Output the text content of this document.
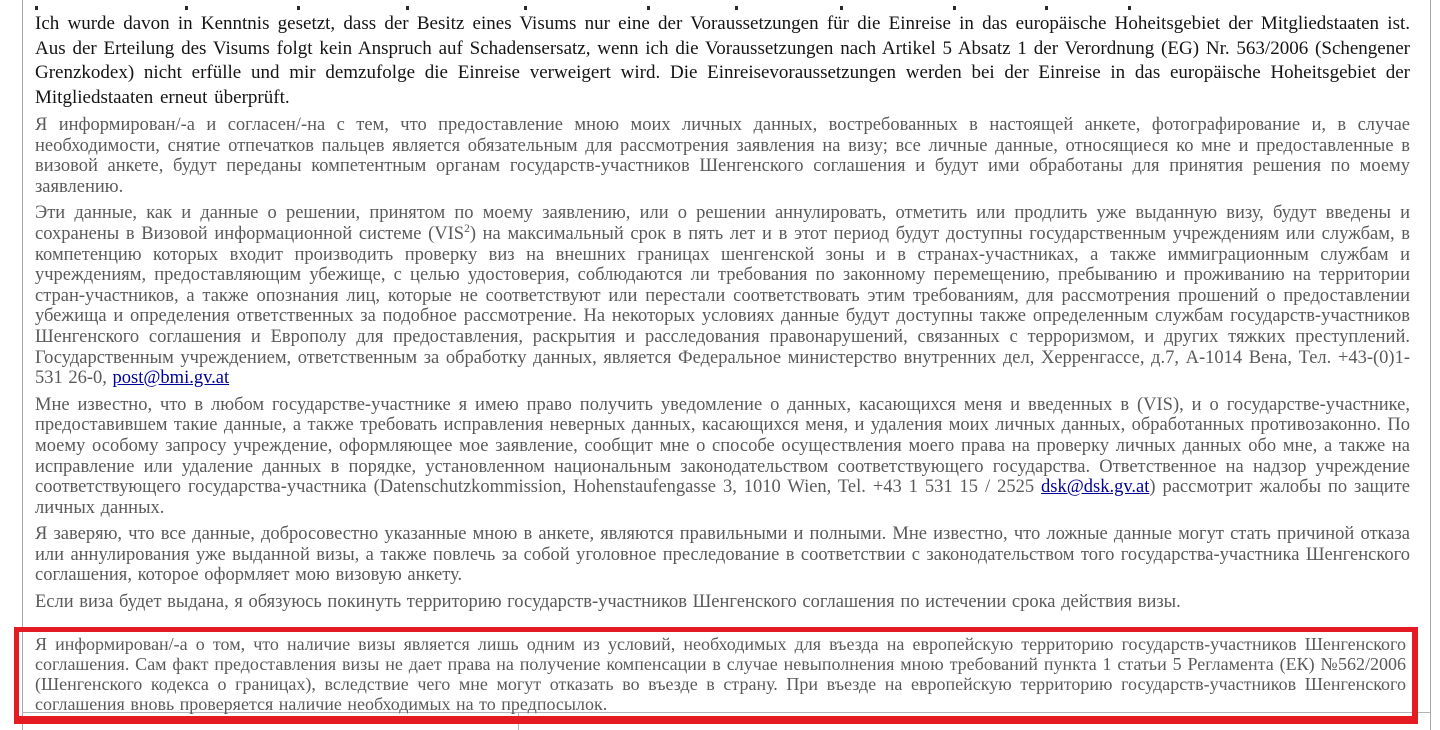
Ich wurde davon in Kenntnis gesetzt, dass der Besitz eines Visums nur eine der Voraussetzungen für die Einreise in das europäische Hoheitsgebiet der Mitgliedstaaten ist. Aus der Erteilung des Visums folgt kein Anspruch auf Schadensersatz, wenn ich die Voraussetzungen nach Artikel 5 Absatz 1 der Verordnung (EG) Nr. 563/2006 (Schengener Grenzkodex) nicht erfülle und mir demzufolge die Einreise verweigert wird. Die Einreisevoraussetzungen werden bei der Einreise in das europäische Hoheitsgebiet der Mitgliedstaaten erneut überprüft.

Я информирован/-а и согласен/-на с тем, что предоставление мною моих личных данных, востребованных в настоящей анкете, фотографирование и, в случае необходимости, снятие отпечатков пальцев является обязательным для рассмотрения заявления на визу; все личные данные, относящиеся ко мне и предоставленные в визовой анкете, будут переданы компетентным органам государств-участников Шенгенского соглашения и будут ими обработаны для принятия решения по моему заявлению.

Эти данные, как и данные о решении, принятом по моему заявлению, или о решении аннулировать, отметить или продлить уже выданную визу, будут введены и сохранены в Визовой информационной системе (VIS$^2$) на максимальный срок в пять лет и в этот период будут доступны государственным учреждениям или службам, в компетенцию которых входит производить проверку виз на внешних границах шенгенской зоны и в странах-участниках, а также иммиграционным службам и учреждениям, предоставляющим убежище, с целью удостоверия, соблюдаются ли требования по законному перемещению, пребыванию и проживанию на территории стран-участников, а также опознания лиц, которые не соответствуют или перестали соответствовать этим требованиям, для рассмотрения прошений о предоставлении убежища и определения ответственных за подобное рассмотрение. На некоторых условиях данные будут доступны также определенным службам государств-участников Шенгенского соглашения и Европолу для предоставления, раскрытия и расследования правонарушений, связанных с терроризмом, и других тяжких преступлений. Государственным учреждением, ответственным за обработку данных, является Федеральное министерство внутренних дел, Херренгассе, д.7, А-1014 Вена, Тел. +43-(0)1-531 26-0, post@bmi.gv.at

Мне известно, что в любом государстве-участнике я имею право получить уведомление о данных, касающихся меня и введенных в (VIS), и о государстве-участнике, предоставившем такие данные, а также требовать исправления неверных данных, касающихся меня, и удаления моих личных данных, обработанных противозаконно. По моему особому запросу учреждение, оформляющее мое заявление, сообщит мне о способе осуществления моего права на проверку личных данных обо мне, а также на исправление или удаление данных в порядке, установленном национальным законодательством соответствующего государства. Ответственное на надзор учреждение соответствующего государства-участника (Datenschutzkommission, Hohenstaufengasse 3, 1010 Wien, Tel. +43 1 531 15 / 2525 dsk@dsk.gv.at) рассмотрит жалобы по защите личных данных.

Я заверяю, что все данные, добросовестно указанные мною в анкете, являются правильными и полными. Мне известно, что ложные данные могут стать причиной отказа или аннулирования уже выданной визы, а также повлечь за собой уголовное преследование в соответствии с законодательством того государства-участника Шенгенского соглашения, которое оформляет мою визовую анкету.

Если виза будет выдана, я обязуюсь покинуть территорию государств-участников Шенгенского соглашения по истечении срока действия визы.

Я информирован/-а о том, что наличие визы является лишь одним из условий, необходимых для въезда на европейскую территорию государств-участников Шенгенского соглашения. Сам факт предоставления визы не дает права на получение компенсации в случае невыполнения мною требований пункта 1 статьи 5 Регламента (ЕК) №562/2006 (Шенгенского кодекса о границах), вследствие чего мне могут отказать во въезде в страну. При въезде на европейскую территорию государств-участников Шенгенского соглашения вновь проверяется наличие необходимых на то предпосылок.
